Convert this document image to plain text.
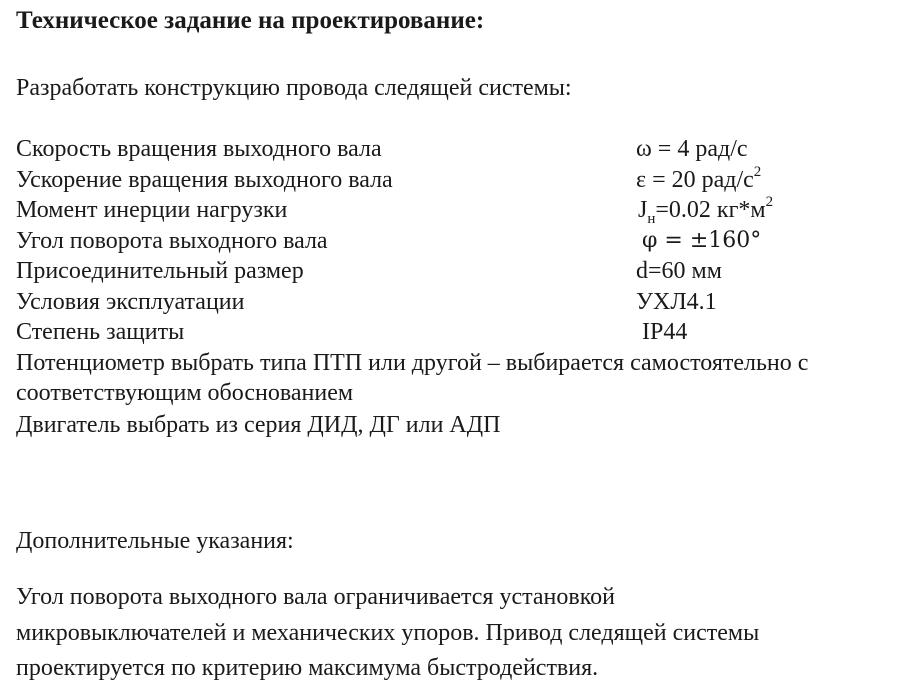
Техническое задание на проектирование:
Разработать конструкцию провода следящей системы:
Скорость вращения выходного вала	ω = 4 рад/с
Ускорение вращения выходного вала	ε = 20 рад/$с^2$
Момент инерции нагрузки	$J_н=0.02$ $кг*м^2$
Угол поворота выходного вала	φ = ±160°
Присоединительный размер	d=60 мм
Условия эксплуатации	УХЛ4.1
Степень защиты	IP44
Потенциометр выбрать типа ПТП или другой – выбирается самостоятельно с
соответствующим обоснованием
Двигатель выбрать из серия ДИД, ДГ или АДП
Дополнительные указания:
Угол поворота выходного вала ограничивается установкой
микровыключателей и механических упоров. Привод следящей системы
проектируется по критерию максимума быстродействия.
